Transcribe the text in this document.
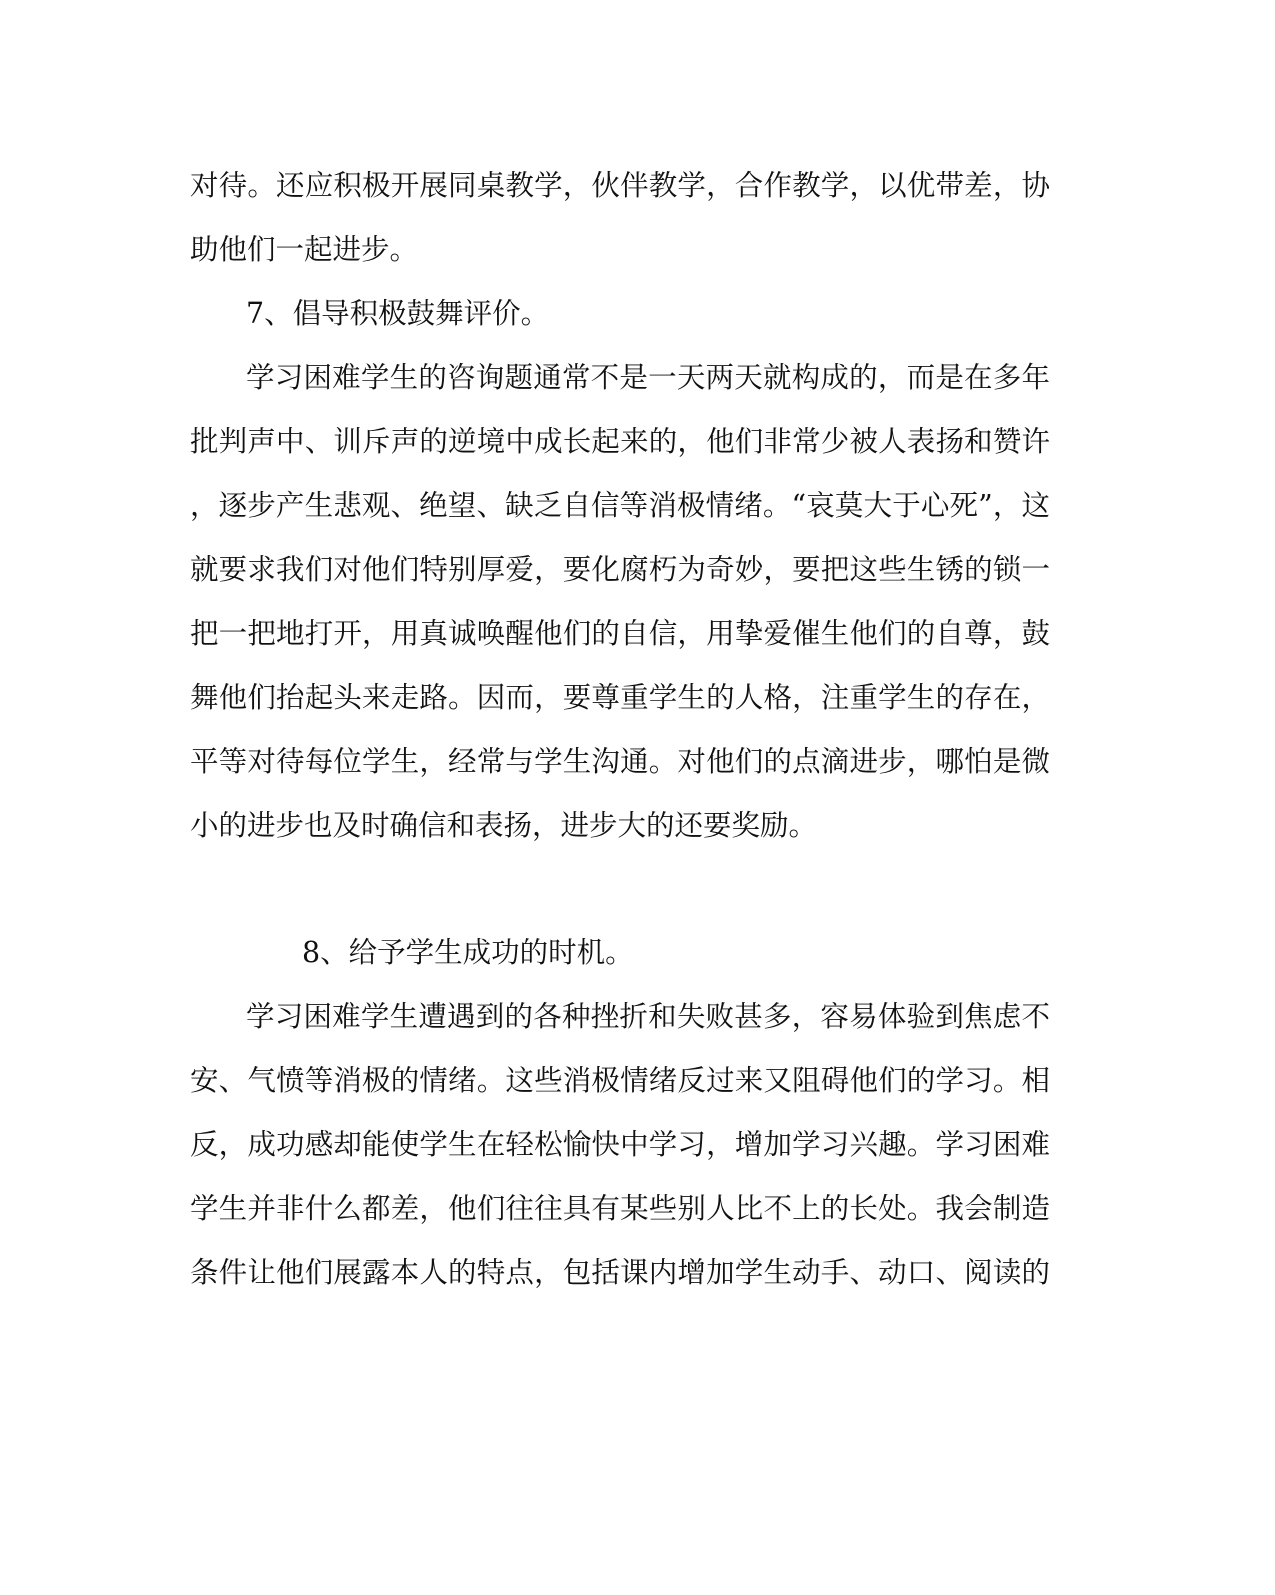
对待。还应积极开展同桌教学，伙伴教学，合作教学，以优带差，协
助他们一起进步。
7、倡导积极鼓舞评价。
学习困难学生的咨询题通常不是一天两天就构成的，而是在多年
批判声中、训斥声的逆境中成长起来的，他们非常少被人表扬和赞许
，逐步产生悲观、绝望、缺乏自信等消极情绪。“哀莫大于心死”，这
就要求我们对他们特别厚爱，要化腐朽为奇妙，要把这些生锈的锁一
把一把地打开，用真诚唤醒他们的自信，用挚爱催生他们的自尊，鼓
舞他们抬起头来走路。因而，要尊重学生的人格，注重学生的存在，
平等对待每位学生，经常与学生沟通。对他们的点滴进步，哪怕是微
小的进步也及时确信和表扬，进步大的还要奖励。
8、给予学生成功的时机。
学习困难学生遭遇到的各种挫折和失败甚多，容易体验到焦虑不
安、气愤等消极的情绪。这些消极情绪反过来又阻碍他们的学习。相
反，成功感却能使学生在轻松愉快中学习，增加学习兴趣。学习困难
学生并非什么都差，他们往往具有某些别人比不上的长处。我会制造
条件让他们展露本人的特点，包括课内增加学生动手、动口、阅读的
